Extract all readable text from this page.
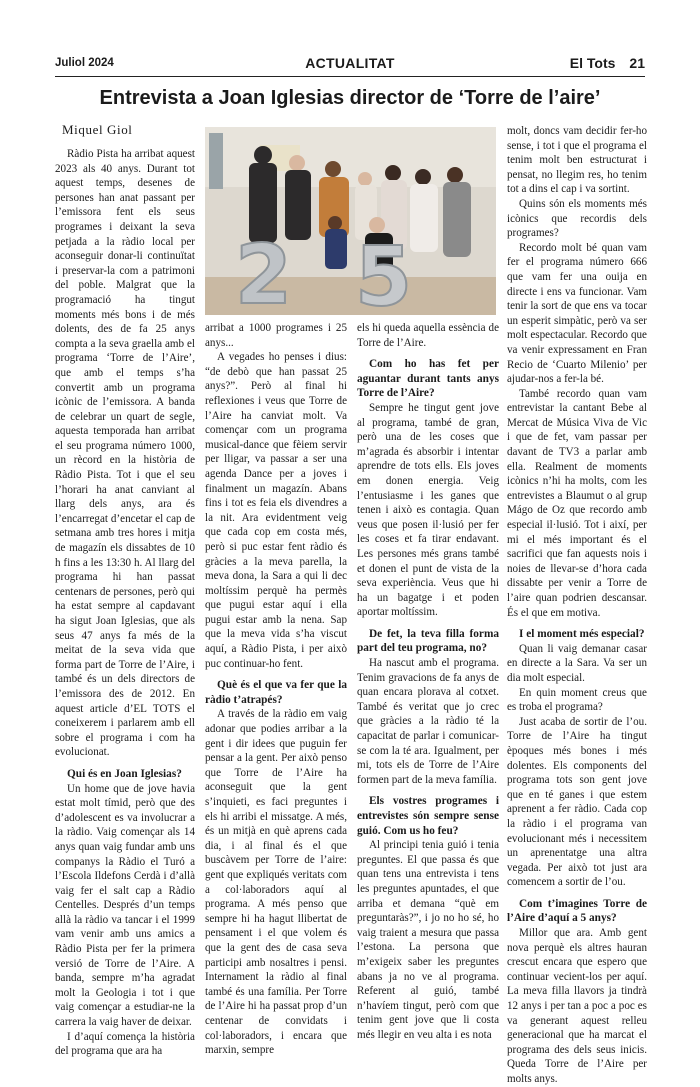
Juliol 2024	ACTUALITAT	El Tots 21
Entrevista a Joan Iglesias director de ‘Torre de l’aire’
Miquel Giol

Ràdio Pista ha arribat aquest 2023 als 40 anys. Durant tot aquest temps, desenes de persones han anat passant per l’emissora fent els seus programes i deixant la seva petjada a la ràdio local per aconseguir donar-li continuïtat i preservar-la com a patrimoni del poble. Malgrat que la programació ha tingut moments més bons i de més dolents, des de fa 25 anys compta a la seva graella amb el programa ‘Torre de l’Aire’, que amb el temps s’ha convertit amb un programa icònic de l’emissora. A banda de celebrar un quart de segle, aquesta temporada han arribat el seu programa número 1000, un rècord en la història de Ràdio Pista. Tot i que el seu l’horari ha anat canviant al llarg dels anys, ara és l’encarregat d’encetar el cap de setmana amb tres hores i mitja de magazín els dissabtes de 10 h fins a les 13:30 h. Al llarg del programa hi han passat centenars de persones, però qui ha estat sempre al capdavant ha sigut Joan Iglesias, que als seus 47 anys fa més de la meitat de la seva vida que forma part de Torre de l’Aire, i també és un dels directors de l’emissora des de 2012. En aquest article d’EL TOTS el coneixerem i parlarem amb ell sobre el programa i com ha evolucionat.

Qui és en Joan Iglesias?

Un home que de jove havia estat molt tímid, però que des d’adolescent es va involucrar a la ràdio. Vaig començar als 14 anys quan vaig fundar amb uns companys la Ràdio el Turó a l’Escola Ildefons Cerdà i d’allà vaig fer el salt cap a Ràdio Centelles. Després d’un temps allà la ràdio va tancar i el 1999 vam venir amb uns amics a Ràdio Pista per fer la primera versió de Torre de l’Aire. A banda, sempre m’ha agradat molt la Geologia i tot i que vaig començar a estudiar-ne la carrera la vaig haver de deixar.

I d’aquí comença la història del programa que ara ha

2 5

arribat a 1000 programes i 25 anys...

A vegades ho penses i dius: “de debò que han passat 25 anys?”. Però al final hi reflexiones i veus que Torre de l’Aire ha canviat molt. Va començar com un programa musical-dance que fèiem servir per lligar, va passar a ser una agenda Dance per a joves i finalment un magazín. Abans fins i tot es feia els divendres a la nit. Ara evidentment veig que cada cop em costa més, però si puc estar fent ràdio és gràcies a la meva parella, la meva dona, la Sara a qui li dec moltíssim perquè ha permès que pugui estar aquí i ella pugui estar amb la nena. Sap que la meva vida s’ha viscut aquí, a Ràdio Pista, i per això puc continuar-ho fent.

Què és el que va fer que la ràdio t’atrapés?

A través de la ràdio em vaig adonar que podies arribar a la gent i dir idees que puguin fer pensar a la gent. Per això penso que Torre de l’Aire ha aconseguit que la gent s’inquieti, es faci preguntes i els hi arribi el missatge. A més, és un mitjà en què aprens cada dia, i al final és el que buscàvem per Torre de l’aire: gent que expliqués veritats com a col·laboradors aquí al programa. A més penso que sempre hi ha hagut llibertat de pensament i el que volem és que la gent des de casa seva participi amb nosaltres i pensi. Internament la ràdio al final també és una família. Per Torre de l’Aire hi ha passat prop d’un centenar de convidats i col·laboradors, i encara que marxin, sempre

els hi queda aquella essència de Torre de l’Aire.

Com ho has fet per aguantar durant tants anys Torre de l’Aire?

Sempre he tingut gent jove al programa, també de gran, però una de les coses que m’agrada és absorbir i intentar aprendre de tots ells. Els joves em donen energia. Veig l’entusiasme i les ganes que tenen i això es contagia. Quan veus que posen il·lusió per fer les coses et fa tirar endavant. Les persones més grans també et donen el punt de vista de la seva experiència. Veus que hi ha un bagatge i et poden aportar moltíssim.

De fet, la teva filla forma part del teu programa, no?

Ha nascut amb el programa. Tenim gravacions de fa anys de quan encara plorava al cotxet. També és veritat que jo crec que gràcies a la ràdio té la capacitat de parlar i comunicar-se com la té ara. Igualment, per mi, tots els de Torre de l’Aire formen part de la meva família.

Els vostres programes i entrevistes són sempre sense guió. Com us ho feu?

Al principi tenia guió i tenia preguntes. El que passa és que quan tens una entrevista i tens les preguntes apuntades, el que arriba et demana “què em preguntaràs?”, i jo no ho sé, ho vaig traient a mesura que passa l’estona. La persona que m’exigeix saber les preguntes abans ja no ve al programa. Referent al guió, també n’havíem tingut, però com que tenim gent jove que li costa més llegir en veu alta i es nota

molt, doncs vam decidir fer-ho sense, i tot i que el programa el tenim molt ben estructurat i pensat, no llegim res, ho tenim tot a dins el cap i va sortint.

Quins són els moments més icònics que recordis dels programes?

Recordo molt bé quan vam fer el programa número 666 que vam fer una ouija en directe i ens va funcionar. Vam tenir la sort de que ens va tocar un esperit simpàtic, però va ser molt espectacular. Recordo que va venir expressament en Fran Recio de ‘Cuarto Milenio’ per ajudar-nos a fer-la bé.

També recordo quan vam entrevistar la cantant Bebe al Mercat de Música Viva de Vic i que de fet, vam passar per davant de TV3 a parlar amb ella. Realment de moments icònics n’hi ha molts, com les entrevistes a Blaumut o al grup Mágo de Oz que recordo amb especial il·lusió. Tot i així, per mi el més important és el sacrifici que fan aquests nois i noies de llevar-se d’hora cada dissabte per venir a Torre de l’aire quan podrien descansar. És el que em motiva.

I el moment més especial?

Quan li vaig demanar casar en directe a la Sara. Va ser un dia molt especial.

En quin moment creus que es troba el programa?

Just acaba de sortir de l’ou. Torre de l’Aire ha tingut èpoques més bones i més dolentes. Els components del programa tots son gent jove que en té ganes i que estem aprenent a fer ràdio. Cada cop la ràdio i el programa van evolucionant més i necessitem un aprenentatge una altra vegada. Per això tot just ara comencem a sortir de l’ou.

Com t’imagines Torre de l’Aire d’aquí a 5 anys?

Millor que ara. Amb gent nova perquè els altres hauran crescut encara que espero que continuar vecient-los per aquí. La meva filla llavors ja tindrà 12 anys i per tan a poc a poc es va generant aquest relleu generacional que ha marcat el programa des dels seus inicis. Queda Torre de l’Aire per molts anys.
